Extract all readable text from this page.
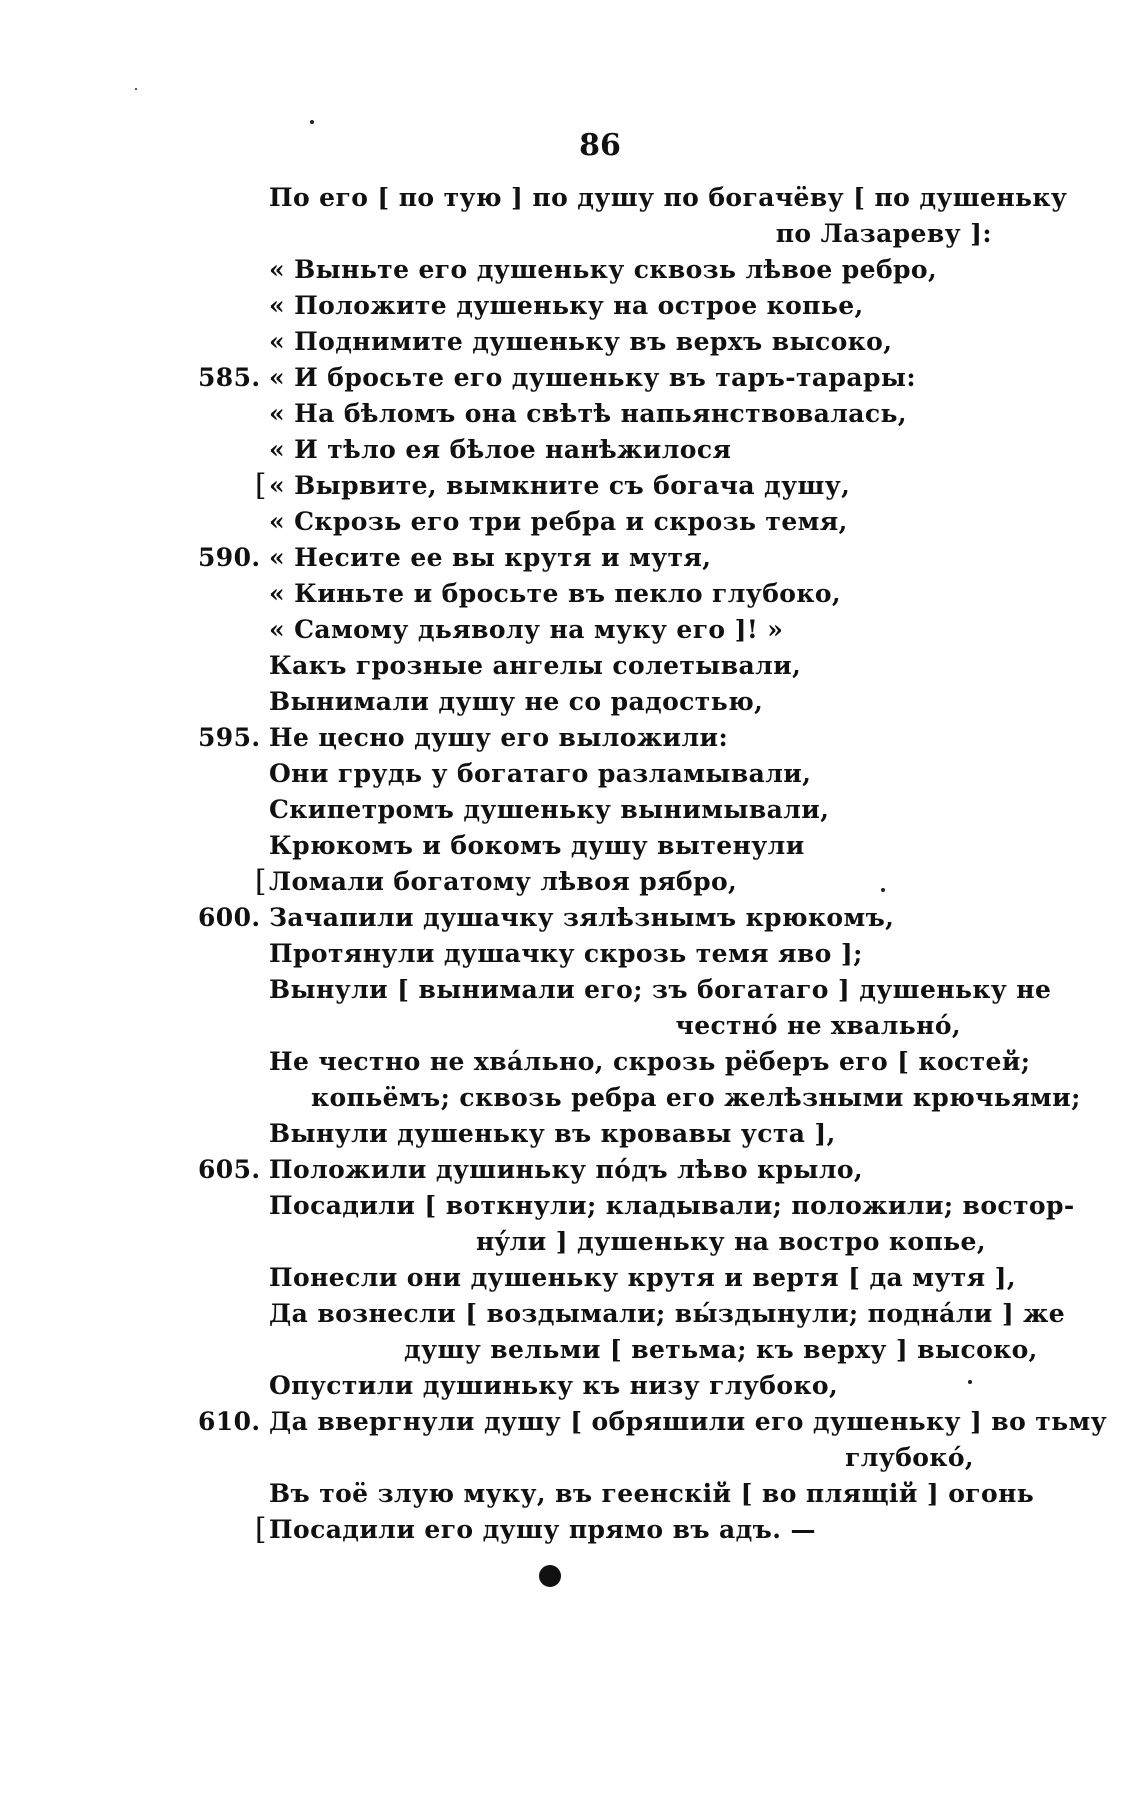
86
По его [ по тую ] по душу по богачёву [ по душеньку
по Лазареву ]:
« Выньте его душеньку сквозь лѣвое ребро,
« Положите душеньку на острое копье,
« Поднимите душеньку въ верхъ высоко,
585. « И бросьте его душеньку въ таръ-тарары:
« На бѣломъ она свѣтѣ напьянствовалась,
« И тѣло ея бѣлое нанѣжилося
[ « Вырвите, вымкните съ богача душу,
« Скрозь его три ребра и скрозь темя,
590. « Несите ее вы крутя и мутя,
« Киньте и бросьте въ пекло глубоко,
« Самому дьяволу на муку его ]! »
Какъ грозные ангелы солетывали,
Вынимали душу не со радостью,
595. Не цесно душу его выложили:
Они грудь у богатаго разламывали,
Скипетромъ душеньку вынимывали,
Крюкомъ и бокомъ душу вытенули
[ Ломали богатому лѣвоя рябро,
600. Зачапили душачку зялѣзнымъ крюкомъ,
Протянули душачку скрозь темя яво ];
Вынули [ вынимали его; зъ богатаго ] душеньку не
честнó не хвальнó,
Не честно не хвáльно, скрозь рёберъ его [ костей;
копьёмъ; сквозь ребра его желѣзными крючьями;
Вынули душеньку въ кровавы уста ],
605. Положили душиньку пóдъ лѣво крыло,
Посадили [ воткнули; кладывали; положили; востор-
нýли ] душеньку на востро копье,
Понесли они душеньку крутя и вертя [ да мутя ],
Да вознесли [ воздымали; вы́здынули; поднáли ] же
душу вельми [ ветьма; къ верху ] высоко,
Опустили душиньку къ низу глубоко,
610. Да ввергнули душу [ обряшили его душеньку ] во тьму
глубокó,
Въ тоё злую муку, въ геенскій [ во плящій ] огонь
[ Посадили его душу прямо въ адъ. —
